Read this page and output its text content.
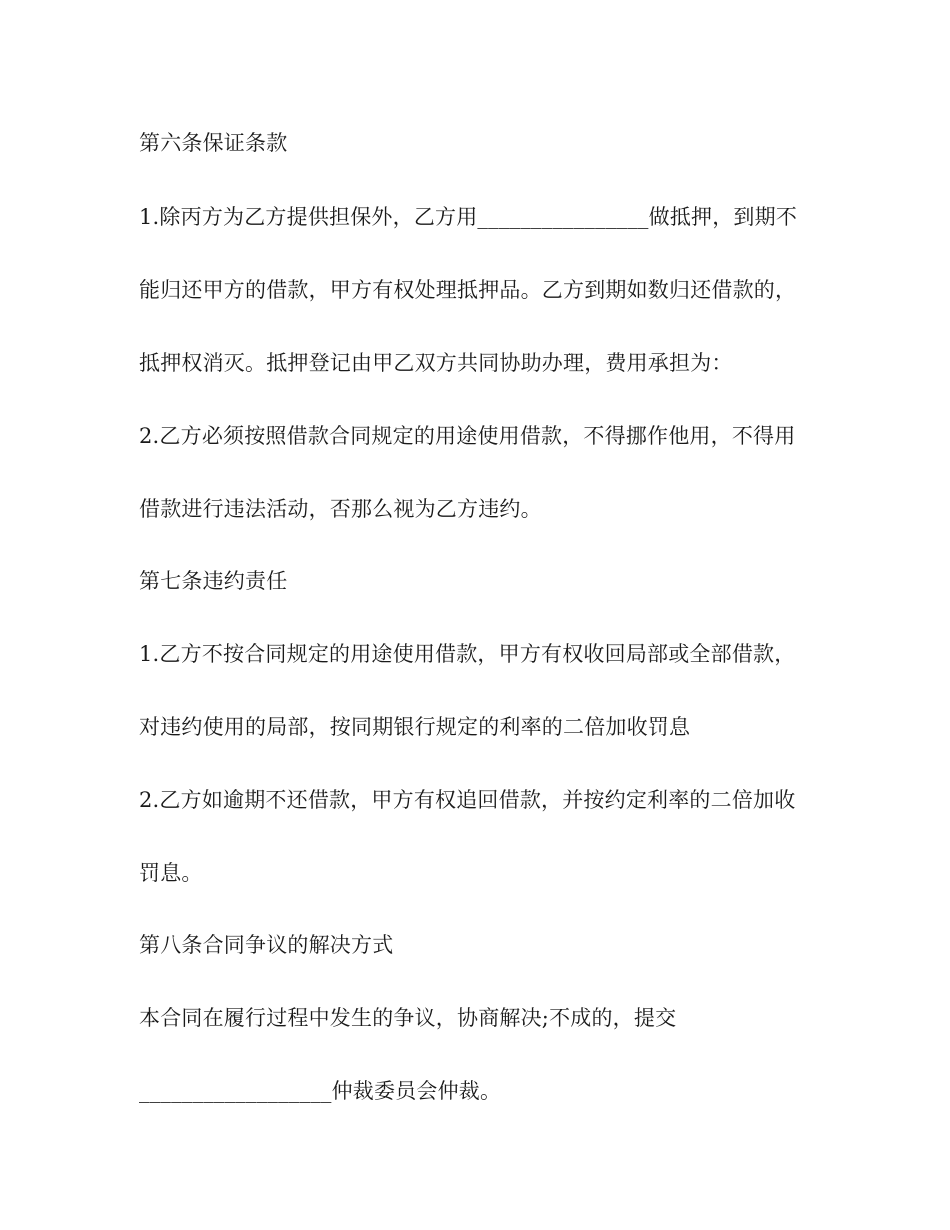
第六条保证条款
1.除丙方为乙方提供担保外，乙方用________________做抵押，到期不
能归还甲方的借款，甲方有权处理抵押品。乙方到期如数归还借款的，
抵押权消灭。抵押登记由甲乙双方共同协助办理，费用承担为：
2.乙方必须按照借款合同规定的用途使用借款，不得挪作他用，不得用
借款进行违法活动，否那么视为乙方违约。
第七条违约责任
1.乙方不按合同规定的用途使用借款，甲方有权收回局部或全部借款，
对违约使用的局部，按同期银行规定的利率的二倍加收罚息
2.乙方如逾期不还借款，甲方有权追回借款，并按约定利率的二倍加收
罚息。
第八条合同争议的解决方式
本合同在履行过程中发生的争议，协商解决;不成的，提交
__________________仲裁委员会仲裁。
